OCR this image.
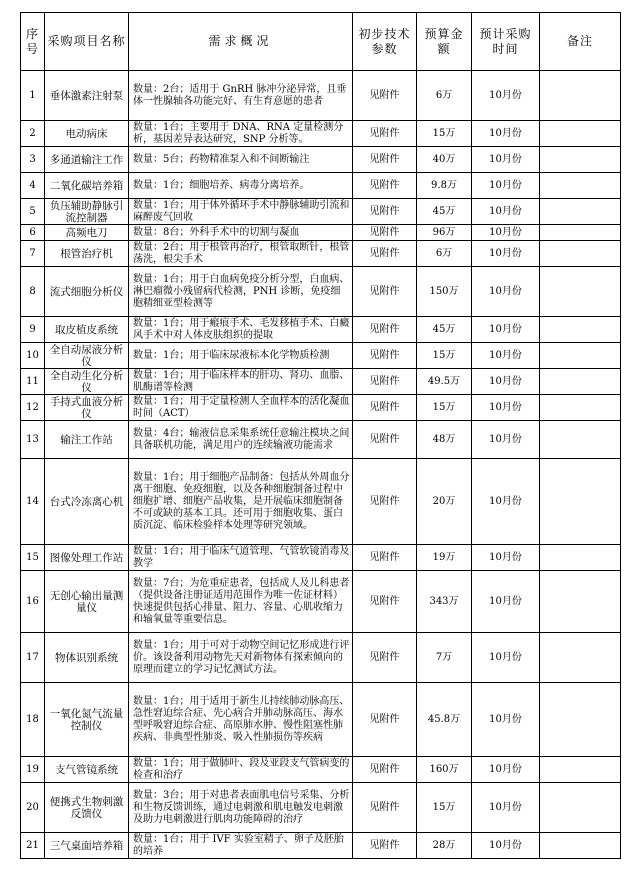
序号	采购项目名称	需求概况	初步技术参数	预算金额	预计采购时间	备注
1	垂体激素注射泵	数量：2台；适用于 GnRH 脉冲分泌异常，且垂体一性腺轴各功能完好、有生育意愿的患者	见附件	6万	10月份	
2	电动病床	数量：1台；主要用于 DNA、RNA 定量检测分析，基因差异表达研究，SNP 分析等。	见附件	15万	10月份	
3	多通道输注工作	数量：5台；药物精准泵入和不间断输注	见附件	40万	10月份	
4	二氧化碳培养箱	数量：1台；细胞培养、病毒分离培养。	见附件	9.8万	10月份	
5	负压辅助静脉引流控制器	数量：1台；用于体外循环手术中静脉辅助引流和麻醉废气回收	见附件	45万	10月份	
6	高频电刀	数量：8台；外科手术中的切割与凝血	见附件	96万	10月份	
7	根管治疗机	数量：2台；用于根管再治疗，根管取断针，根管荡洗，根尖手术	见附件	6万	10月份	
8	流式细胞分析仪	数量：1台；用于白血病免疫分析分型，白血病、淋巴瘤微小残留病代检测，PNH 诊断，免疫细胞精细亚型检测等	见附件	150万	10月份	
9	取皮植皮系统	数量：1台；用于瘢痕手术、毛发移植手术、白癜风手术中对人体皮肤组织的提取	见附件	45万	10月份	
10	全自动尿液分析仪	数量：1台；用于临床尿液标本化学物质检测	见附件	15万	10月份	
11	全自动生化分析仪	数量：1台；用于临床样本的肝功、肾功、血脂、肌酶谱等检测	见附件	49.5万	10月份	
12	手持式血液分析仪	数量：1台；用于定量检测人全血样本的活化凝血时间（ACT）	见附件	15万	10月份	
13	输注工作站	数量：4台；输液信息采集系统任意输注模块之间具备联机功能，满足用户的连续输液功能需求	见附件	48万	10月份	
14	台式冷冻离心机	数量：1台；用于细胞产品制备：包括从外周血分离干细胞、免疫细胞，以及各种细胞制备过程中细胞扩增、细胞产品收集，是开展临床细胞制备不可或缺的基本工具。还可用于细胞收集、蛋白质沉淀、临床检验样本处理等研究领域。	见附件	20万	10月份	
15	图像处理工作站	数量：1台；用于临床气道管理、气管软镜消毒及教学	见附件	19万	10月份	
16	无创心输出量测量仪	数量：7台；为危重症患者，包括成人及儿科患者（提供设备注册证适用范围作为唯一佐证材料）快速提供包括心排量、阻力、容量、心肌收缩力和输氧量等重要信息。	见附件	343万	10月份	
17	物体识别系统	数量：1台；用于可对于动物空间记忆形成进行评价。该设备利用动物先天对新物体有探索倾向的原理而建立的学习记忆测试方法。	见附件	7万	10月份	
18	一氧化氮气流量控制仪	数量：1台；用于适用于新生儿持续肺动脉高压、急性窘迫综合症、先心病合并肺动脉高压、海水型呼吸窘迫综合症、高原肺水肿、慢性阻塞性肺疾病、非典型性肺炎、吸入性肺损伤等疾病	见附件	45.8万	10月份	
19	支气管镜系统	数量：1台；用于做肺叶、段及亚段支气管病变的检查和治疗	见附件	160万	10月份	
20	便携式生物刺激反馈仪	数量：3台；用于对患者表面肌电信号采集、分析和生物反馈训练，通过电刺激和肌电触发电刺激及助力电刺激进行肌肉功能障碍的治疗	见附件	15万	10月份	
21	三气桌面培养箱	数量：1台；用于 IVF 实验室精子、卵子及胚胎的培养	见附件	28万	10月份	
